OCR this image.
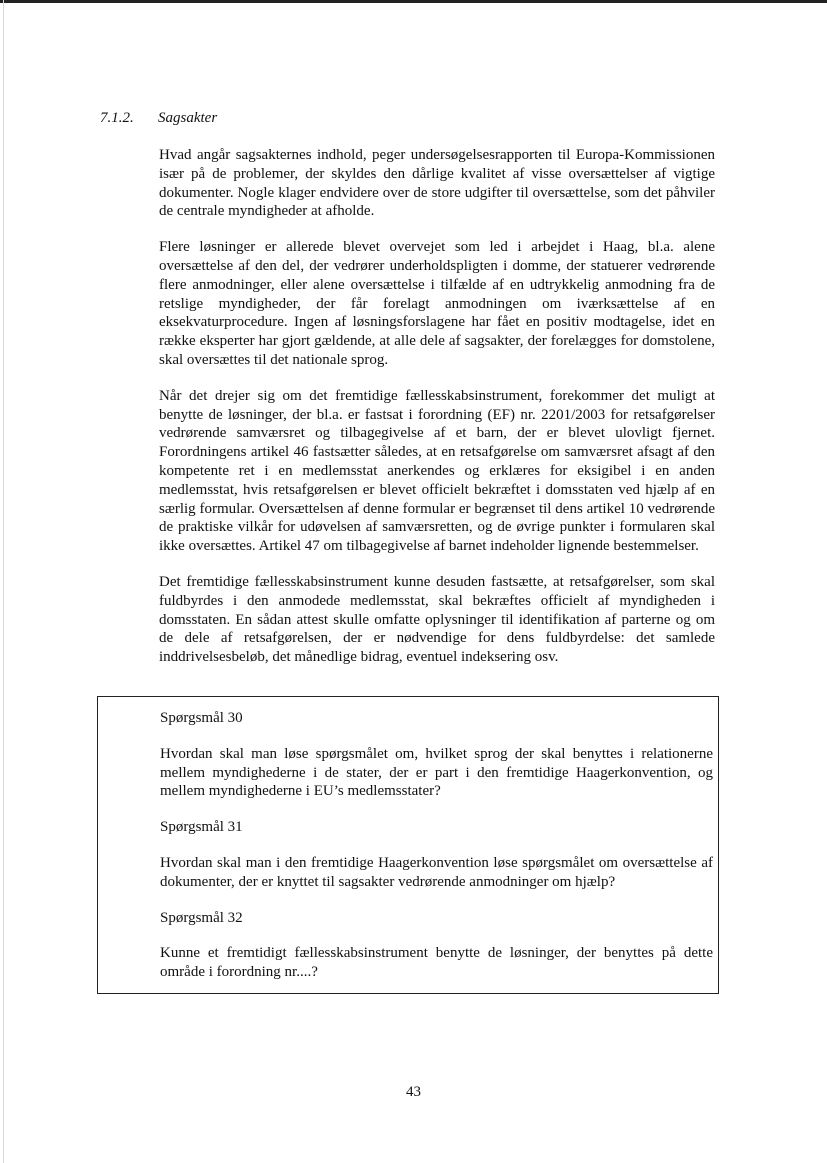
7.1.2. Sagsakter

Hvad angår sagsakternes indhold, peger undersøgelsesrapporten til Europa-Kommissionen især på de problemer, der skyldes den dårlige kvalitet af visse oversættelser af vigtige dokumenter. Nogle klager endvidere over de store udgifter til oversættelse, som det påhviler de centrale myndigheder at afholde.

Flere løsninger er allerede blevet overvejet som led i arbejdet i Haag, bl.a. alene oversættelse af den del, der vedrører underholdspligten i domme, der statuerer vedrørende flere anmodninger, eller alene oversættelse i tilfælde af en udtrykkelig anmodning fra de retslige myndigheder, der får forelagt anmodningen om iværksættelse af en eksekvaturprocedure. Ingen af løsningsforslagene har fået en positiv modtagelse, idet en række eksperter har gjort gældende, at alle dele af sagsakter, der forelægges for domstolene, skal oversættes til det nationale sprog.

Når det drejer sig om det fremtidige fællesskabsinstrument, forekommer det muligt at benytte de løsninger, der bl.a. er fastsat i forordning (EF) nr. 2201/2003 for retsafgørelser vedrørende samværsret og tilbagegivelse af et barn, der er blevet ulovligt fjernet. Forordningens artikel 46 fastsætter således, at en retsafgørelse om samværsret afsagt af den kompetente ret i en medlemsstat anerkendes og erklæres for eksigibel i en anden medlemsstat, hvis retsafgørelsen er blevet officielt bekræftet i domsstaten ved hjælp af en særlig formular. Oversættelsen af denne formular er begrænset til dens artikel 10 vedrørende de praktiske vilkår for udøvelsen af samværsretten, og de øvrige punkter i formularen skal ikke oversættes. Artikel 47 om tilbagegivelse af barnet indeholder lignende bestemmelser.

Det fremtidige fællesskabsinstrument kunne desuden fastsætte, at retsafgørelser, som skal fuldbyrdes i den anmodede medlemsstat, skal bekræftes officielt af myndigheden i domsstaten. En sådan attest skulle omfatte oplysninger til identifikation af parterne og om de dele af retsafgørelsen, der er nødvendige for dens fuldbyrdelse: det samlede inddrivelsesbeløb, det månedlige bidrag, eventuel indeksering osv.

Spørgsmål 30

Hvordan skal man løse spørgsmålet om, hvilket sprog der skal benyttes i relationerne mellem myndighederne i de stater, der er part i den fremtidige Haagerkonvention, og mellem myndighederne i EU’s medlemsstater?

Spørgsmål 31

Hvordan skal man i den fremtidige Haagerkonvention løse spørgsmålet om oversættelse af dokumenter, der er knyttet til sagsakter vedrørende anmodninger om hjælp?

Spørgsmål 32

Kunne et fremtidigt fællesskabsinstrument benytte de løsninger, der benyttes på dette område i forordning nr....?

43
